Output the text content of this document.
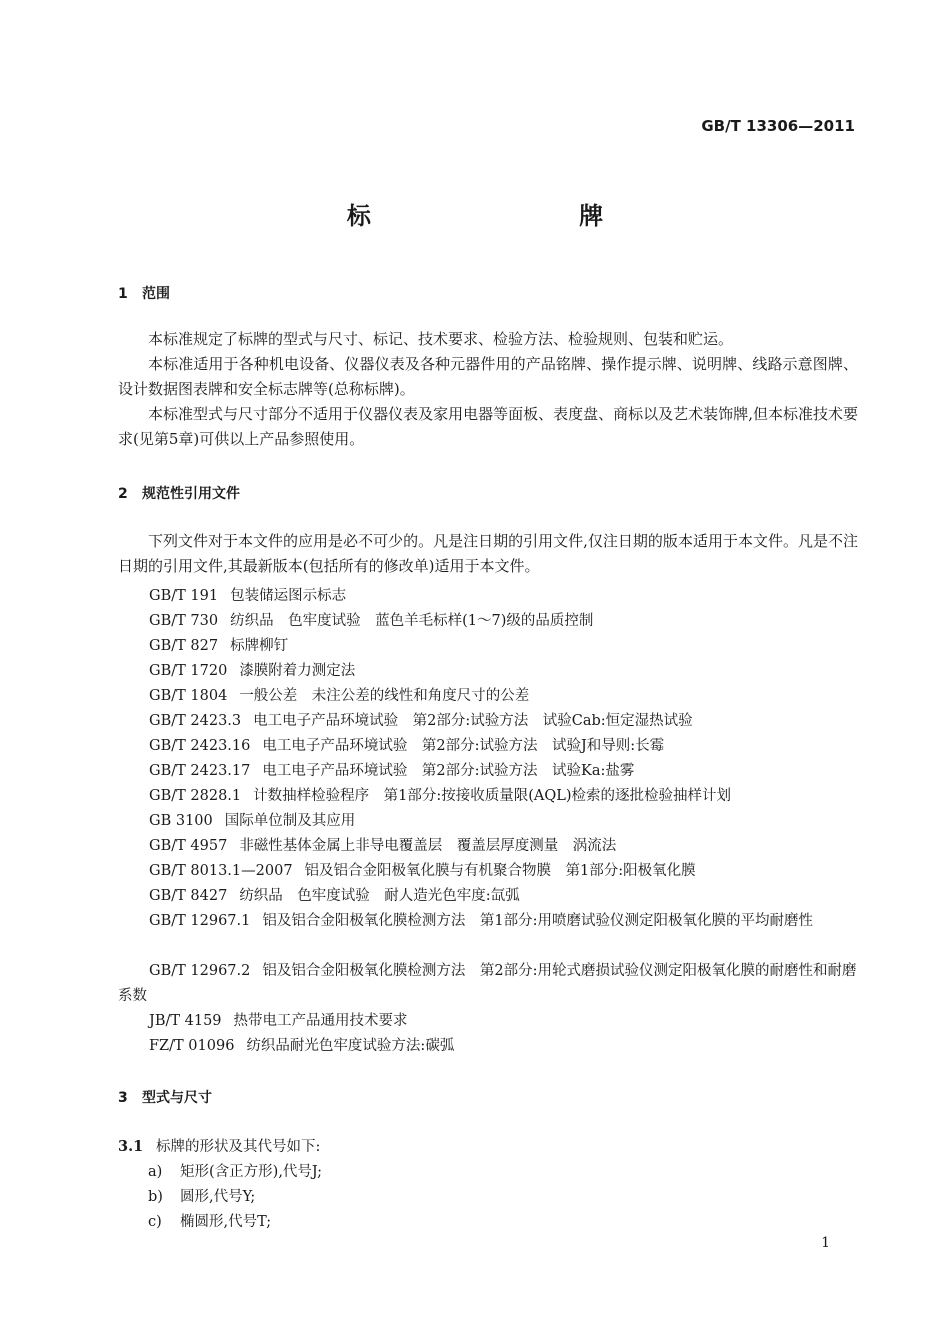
GB/T 13306—2011
标 牌
1 范围
本标准规定了标牌的型式与尺寸、标记、技术要求、检验方法、检验规则、包装和贮运。
本标准适用于各种机电设备、仪器仪表及各种元器件用的产品铭牌、操作提示牌、说明牌、线路示意图牌、设计数据图表牌和安全标志牌等(总称标牌)。
本标准型式与尺寸部分不适用于仪器仪表及家用电器等面板、表度盘、商标以及艺术装饰牌,但本标准技术要求(见第5章)可供以上产品参照使用。
2 规范性引用文件
下列文件对于本文件的应用是必不可少的。凡是注日期的引用文件,仅注日期的版本适用于本文件。凡是不注日期的引用文件,其最新版本(包括所有的修改单)适用于本文件。
GB/T 191 包装储运图示标志
GB/T 730 纺织品　色牢度试验　蓝色羊毛标样(1～7)级的品质控制
GB/T 827 标牌柳钉
GB/T 1720 漆膜附着力测定法
GB/T 1804 一般公差　未注公差的线性和角度尺寸的公差
GB/T 2423.3 电工电子产品环境试验　第2部分:试验方法　试验Cab:恒定湿热试验
GB/T 2423.16 电工电子产品环境试验　第2部分:试验方法　试验J和导则:长霉
GB/T 2423.17 电工电子产品环境试验　第2部分:试验方法　试验Ka:盐雾
GB/T 2828.1 计数抽样检验程序　第1部分:按接收质量限(AQL)检索的逐批检验抽样计划
GB 3100 国际单位制及其应用
GB/T 4957 非磁性基体金属上非导电覆盖层　覆盖层厚度测量　涡流法
GB/T 8013.1—2007 铝及铝合金阳极氧化膜与有机聚合物膜　第1部分:阳极氧化膜
GB/T 8427 纺织品　色牢度试验　耐人造光色牢度:氙弧
GB/T 12967.1 铝及铝合金阳极氧化膜检测方法　第1部分:用喷磨试验仪测定阳极氧化膜的平均耐磨性
GB/T 12967.2 铝及铝合金阳极氧化膜检测方法　第2部分:用轮式磨损试验仪测定阳极氧化膜的耐磨性和耐磨系数
JB/T 4159 热带电工产品通用技术要求
FZ/T 01096 纺织品耐光色牢度试验方法:碳弧
3 型式与尺寸
3.1 标牌的形状及其代号如下:
a) 矩形(含正方形),代号J;
b) 圆形,代号Y;
c) 椭圆形,代号T;
1
